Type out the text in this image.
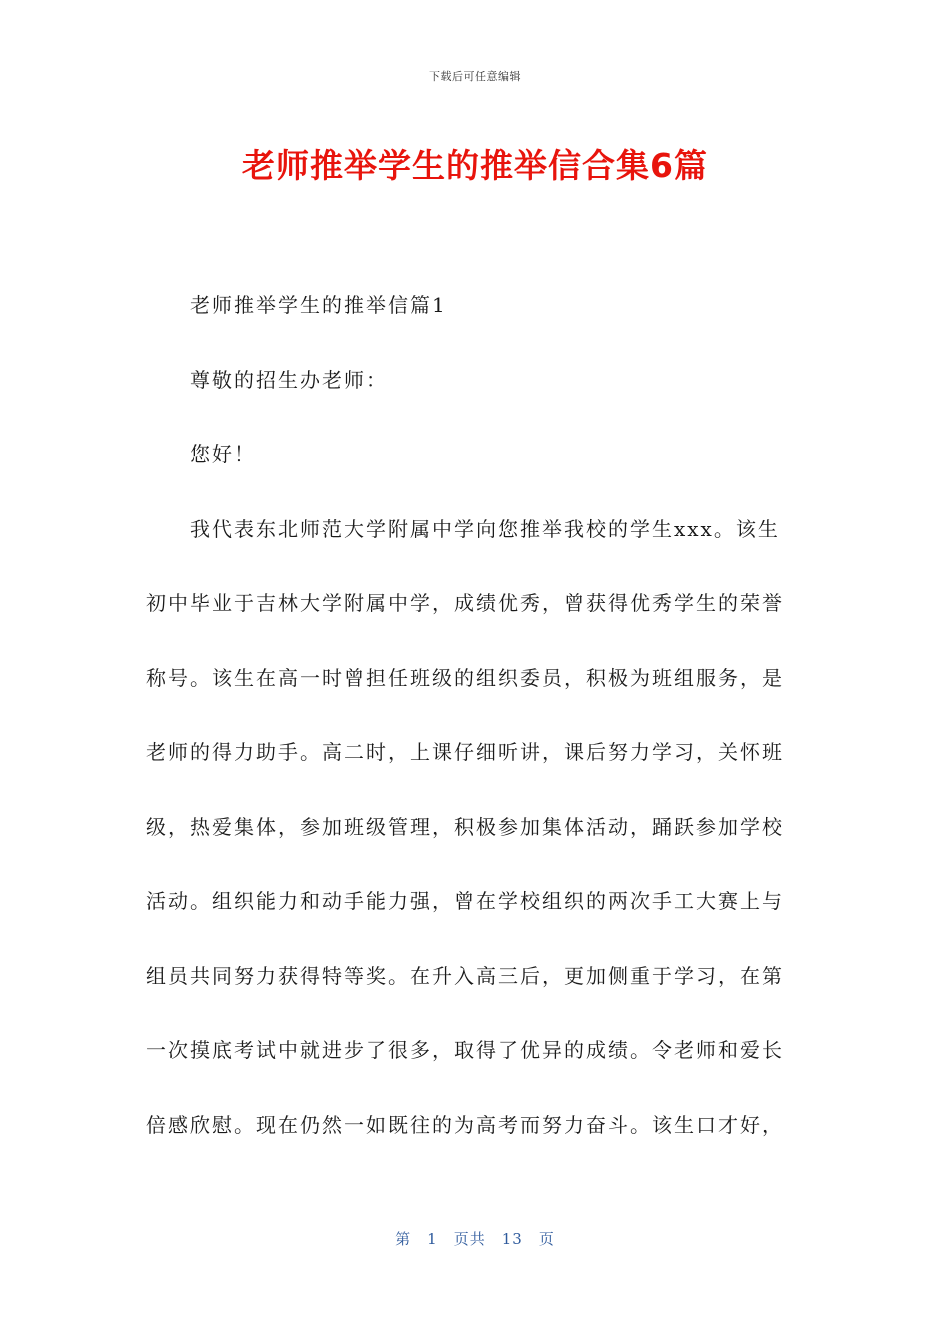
下载后可任意编辑
老师推举学生的推举信合集6篇

老师推举学生的推举信篇1

尊敬的招生办老师：

您好！

我代表东北师范大学附属中学向您推举我校的学生xxx。该生

初中毕业于吉林大学附属中学，成绩优秀，曾获得优秀学生的荣誉

称号。该生在高一时曾担任班级的组织委员，积极为班组服务，是

老师的得力助手。高二时，上课仔细听讲，课后努力学习，关怀班

级，热爱集体，参加班级管理，积极参加集体活动，踊跃参加学校

活动。组织能力和动手能力强，曾在学校组织的两次手工大赛上与

组员共同努力获得特等奖。在升入高三后，更加侧重于学习，在第

一次摸底考试中就进步了很多，取得了优异的成绩。令老师和爱长

倍感欣慰。现在仍然一如既往的为高考而努力奋斗。该生口才好，

第 1 页共 13 页
